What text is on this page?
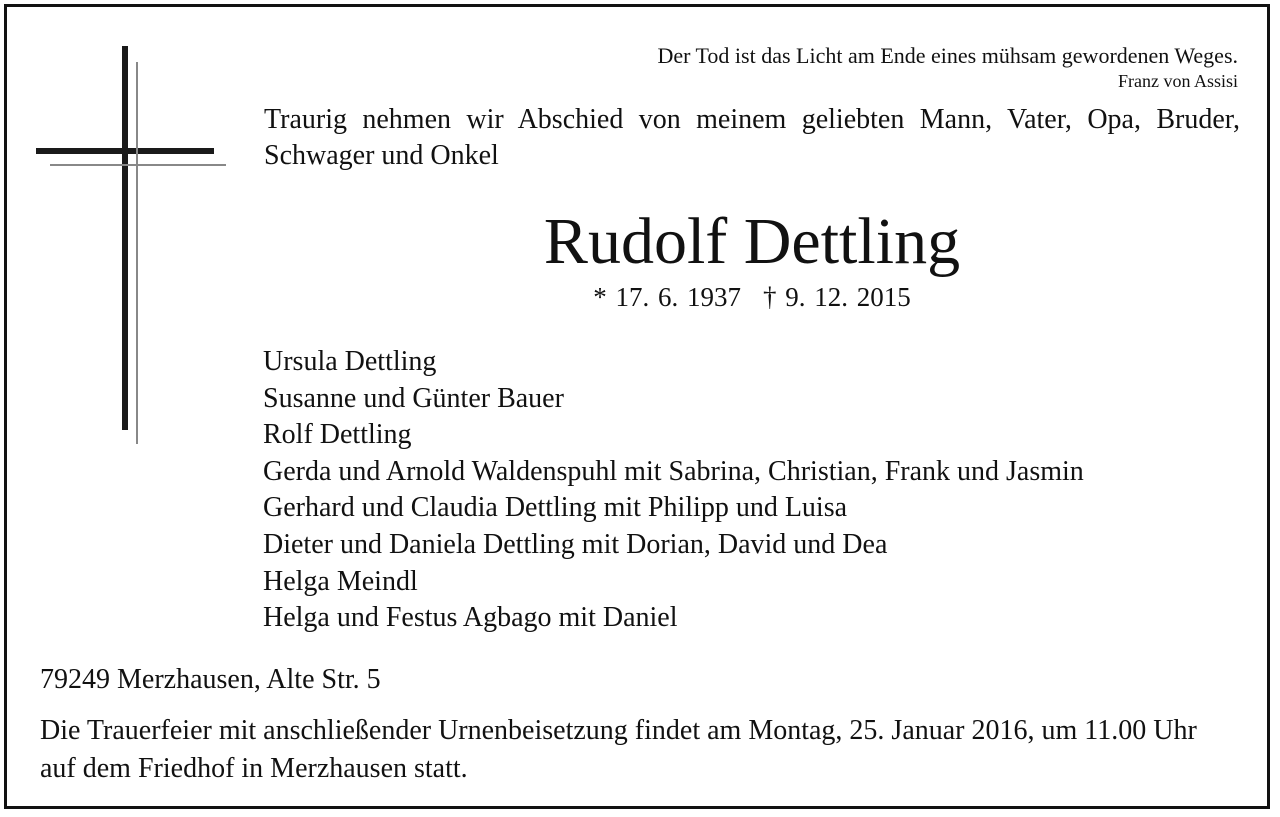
Der Tod ist das Licht am Ende eines mühsam gewordenen Weges.
Franz von Assisi

Traurig nehmen wir Abschied von meinem geliebten Mann, Vater, Opa, Bruder, Schwager und Onkel

Rudolf Dettling
* 17. 6. 1937 † 9. 12. 2015
Ursula Dettling
Susanne und Günter Bauer
Rolf Dettling
Gerda und Arnold Waldenspuhl mit Sabrina, Christian, Frank und Jasmin
Gerhard und Claudia Dettling mit Philipp und Luisa
Dieter und Daniela Dettling mit Dorian, David und Dea
Helga Meindl
Helga und Festus Agbago mit Daniel

79249 Merzhausen, Alte Str. 5

Die Trauerfeier mit anschließender Urnenbeisetzung findet am Montag, 25. Januar 2016, um 11.00 Uhr auf dem Friedhof in Merzhausen statt.
